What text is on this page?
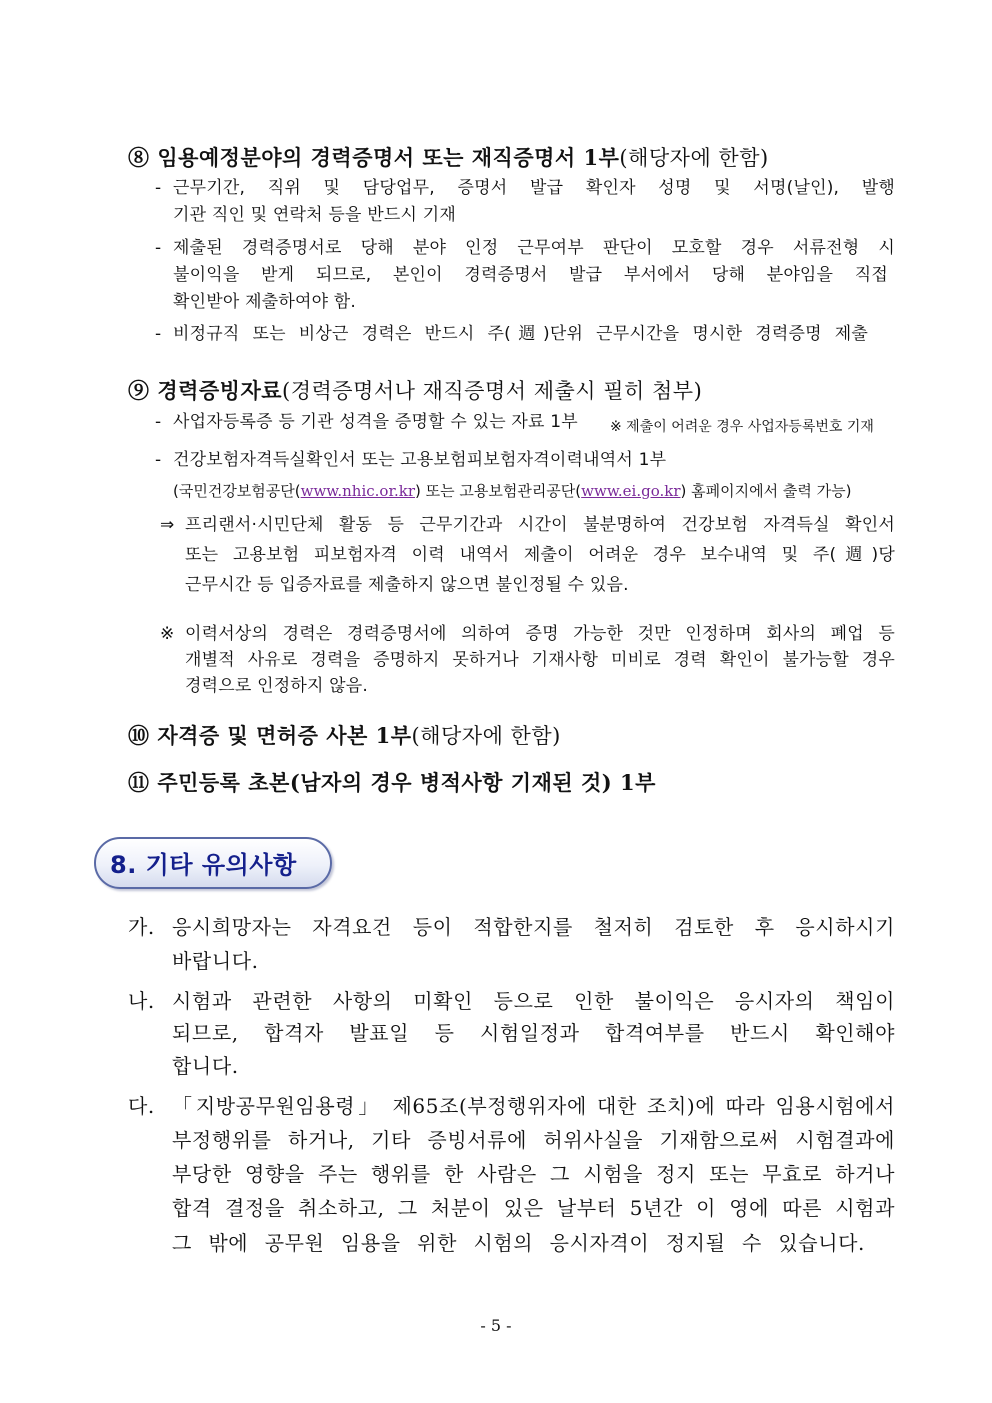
⑧ 임용예정분야의 경력증명서 또는 재직증명서 1부(해당자에 한함)
- 근무기간, 직위 및 담당업무, 증명서 발급 확인자 성명 및 서명(날인), 발행
기관 직인 및 연락처 등을 반드시 기재
- 제출된 경력증명서로 당해 분야 인정 근무여부 판단이 모호할 경우 서류전형 시
불이익을 받게 되므로, 본인이 경력증명서 발급 부서에서 당해 분야임을 직접
확인받아 제출하여야 함.
- 비정규직 또는 비상근 경력은 반드시 주(週)단위 근무시간을 명시한 경력증명 제출
⑨ 경력증빙자료(경력증명서나 재직증명서 제출시 필히 첨부)
- 사업자등록증 등 기관 성격을 증명할 수 있는 자료 1부 ※ 제출이 어려운 경우 사업자등록번호 기재
- 건강보험자격득실확인서 또는 고용보험피보험자격이력내역서 1부
(국민건강보험공단(www.nhic.or.kr) 또는 고용보험관리공단(www.ei.go.kr) 홈페이지에서 출력 가능)
⇒ 프리랜서·시민단체 활동 등 근무기간과 시간이 불분명하여 건강보험 자격득실 확인서
또는 고용보험 피보험자격 이력 내역서 제출이 어려운 경우 보수내역 및 주(週)당
근무시간 등 입증자료를 제출하지 않으면 불인정될 수 있음.
※ 이력서상의 경력은 경력증명서에 의하여 증명 가능한 것만 인정하며 회사의 폐업 등
개별적 사유로 경력을 증명하지 못하거나 기재사항 미비로 경력 확인이 불가능할 경우
경력으로 인정하지 않음.
⑩ 자격증 및 면허증 사본 1부(해당자에 한함)
⑪ 주민등록 초본(남자의 경우 병적사항 기재된 것) 1부
8. 기타 유의사항
가. 응시희망자는 자격요건 등이 적합한지를 철저히 검토한 후 응시하시기
바랍니다.
나. 시험과 관련한 사항의 미확인 등으로 인한 불이익은 응시자의 책임이
되므로, 합격자 발표일 등 시험일정과 합격여부를 반드시 확인해야
합니다.
다. 「지방공무원임용령」 제65조(부정행위자에 대한 조치)에 따라 임용시험에서
부정행위를 하거나, 기타 증빙서류에 허위사실을 기재함으로써 시험결과에
부당한 영향을 주는 행위를 한 사람은 그 시험을 정지 또는 무효로 하거나
합격 결정을 취소하고, 그 처분이 있은 날부터 5년간 이 영에 따른 시험과
그 밖에 공무원 임용을 위한 시험의 응시자격이 정지될 수 있습니다.
- 5 -
